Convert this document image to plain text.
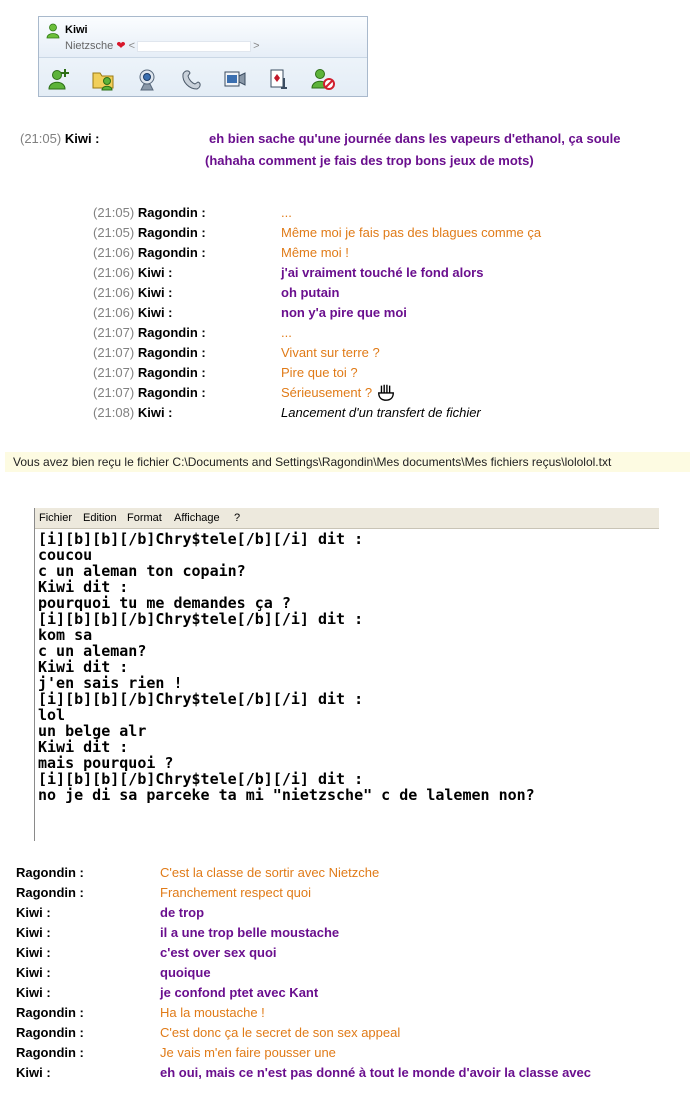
Kiwi
Nietzsche ❤ <	>
(21:05) Kiwi :	eh bien sache qu'une journée dans les vapeurs d'ethanol, ça soule
(hahaha comment je fais des trop bons jeux de mots)
(21:05) Ragondin :	...
(21:05) Ragondin :	Même moi je fais pas des blagues comme ça
(21:06) Ragondin :	Même moi !
(21:06) Kiwi :	j'ai vraiment touché le fond alors
(21:06) Kiwi :	oh putain
(21:06) Kiwi :	non y'a pire que moi
(21:07) Ragondin :	...
(21:07) Ragondin :	Vivant sur terre ?
(21:07) Ragondin :	Pire que toi ?
(21:07) Ragondin :	Sérieusement ?
(21:08) Kiwi :	Lancement d'un transfert de fichier
Vous avez bien reçu le fichier C:\Documents and Settings\Ragondin\Mes documents\Mes fichiers reçus\lololol.txt
Fichier Edition Format Affichage ?
[i][b][b][/b]Chry$tele[/b][/i] dit :
coucou
c un aleman ton copain?
Kiwi dit :
pourquoi tu me demandes ça ?
[i][b][b][/b]Chry$tele[/b][/i] dit :
kom sa
c un aleman?
Kiwi dit :
j'en sais rien !
[i][b][b][/b]Chry$tele[/b][/i] dit :
lol
un belge alr
Kiwi dit :
mais pourquoi ?
[i][b][b][/b]Chry$tele[/b][/i] dit :
no je di sa parceke ta mi "nietzsche" c de lalemen non?
Ragondin :	C'est la classe de sortir avec Nietzche
Ragondin :	Franchement respect quoi
Kiwi :	de trop
Kiwi :	il a une trop belle moustache
Kiwi :	c'est over sex quoi
Kiwi :	quoique
Kiwi :	je confond ptet avec Kant
Ragondin :	Ha la moustache !
Ragondin :	C'est donc ça le secret de son sex appeal
Ragondin :	Je vais m'en faire pousser une
Kiwi :	eh oui, mais ce n'est pas donné à tout le monde d'avoir la classe avec
